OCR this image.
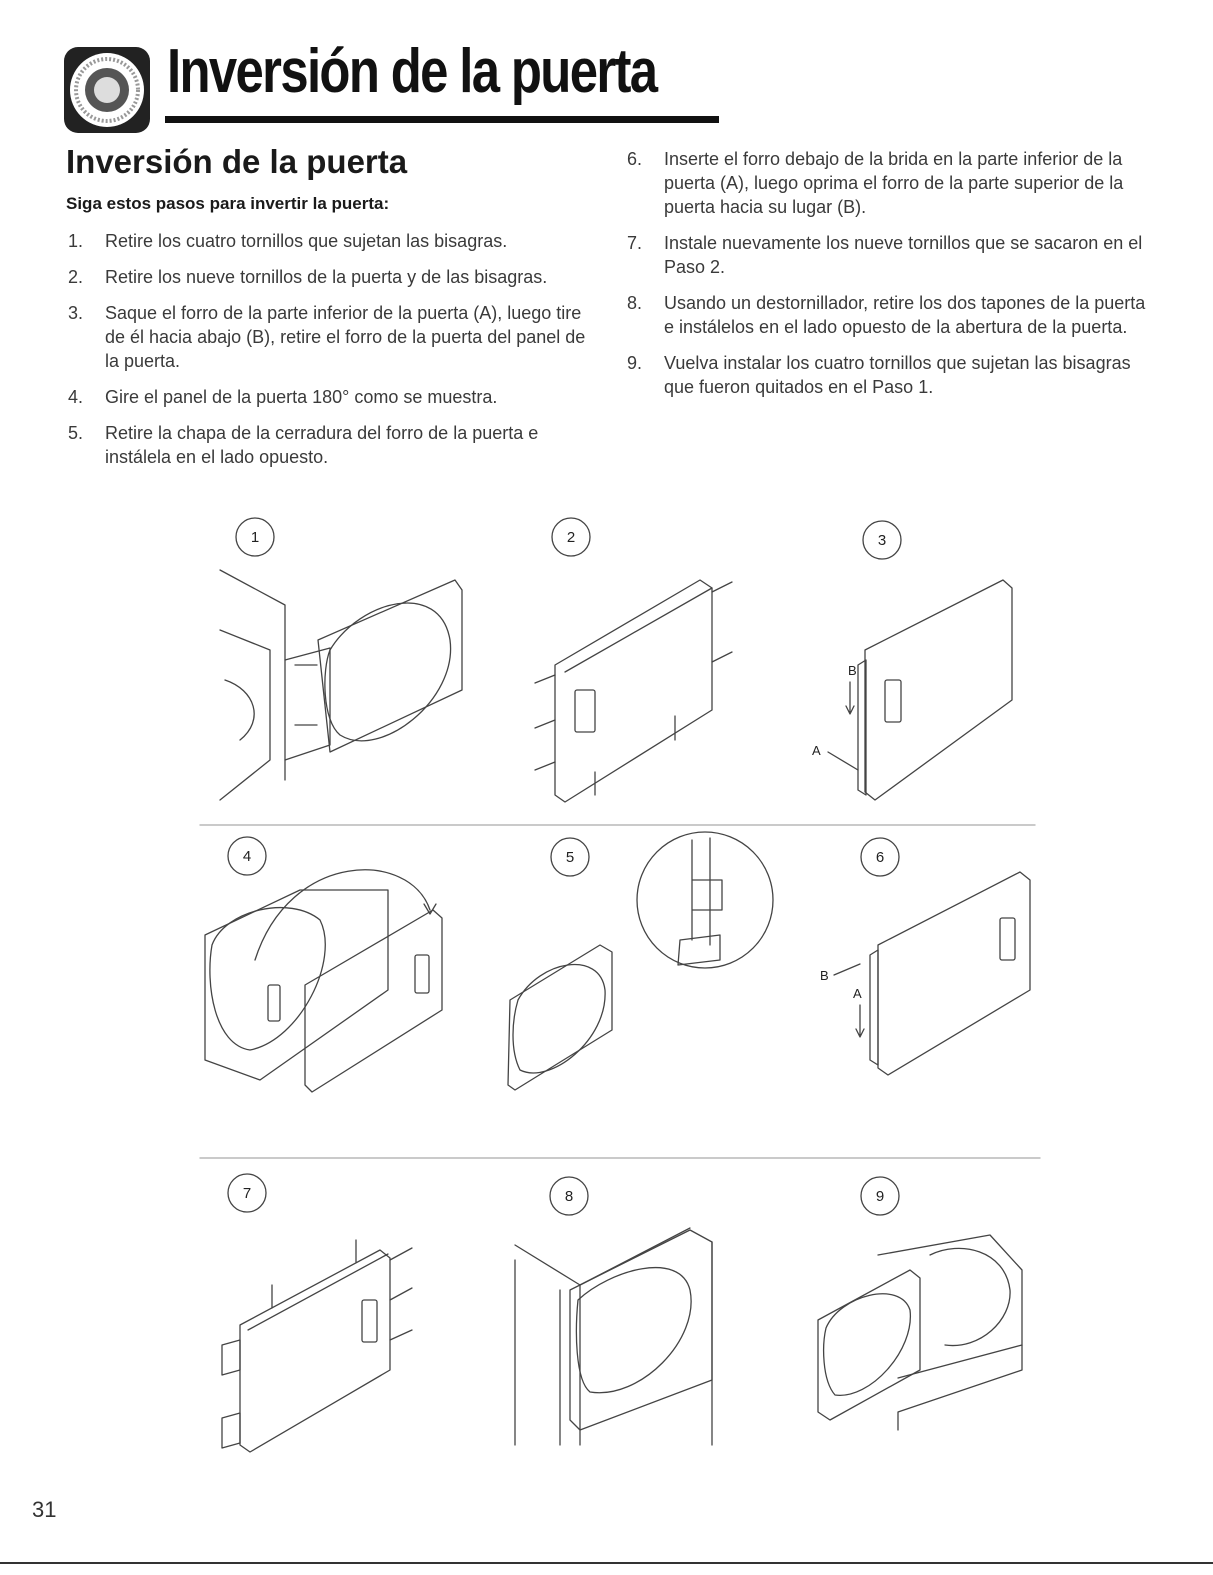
Inversión de la puerta
Inversión de la puerta

Siga estos pasos para invertir la puerta:

1. Retire los cuatro tornillos que sujetan las bisagras.
2. Retire los nueve tornillos de la puerta y de las bisagras.
3. Saque el forro de la parte inferior de la puerta (A), luego tire de él hacia abajo (B), retire el forro de la puerta del panel de la puerta.
4. Gire el panel de la puerta 180° como se muestra.
5. Retire la chapa de la cerradura del forro de la puerta e instálela en el lado opuesto.
6. Inserte el forro debajo de la brida en la parte inferior de la puerta (A), luego oprima el forro de la parte superior de la puerta hacia su lugar (B).
7. Instale nuevamente los nueve tornillos que se sacaron en el Paso 2.
8. Usando un destornillador, retire los dos tapones de la puerta e instálelos en el lado opuesto de la abertura de la puerta.
9. Vuelva instalar los cuatro tornillos que sujetan las bisagras que fueron quitados en el Paso 1.
1	2	3
B
A
4	5	6
B
A
7	8	9
31
